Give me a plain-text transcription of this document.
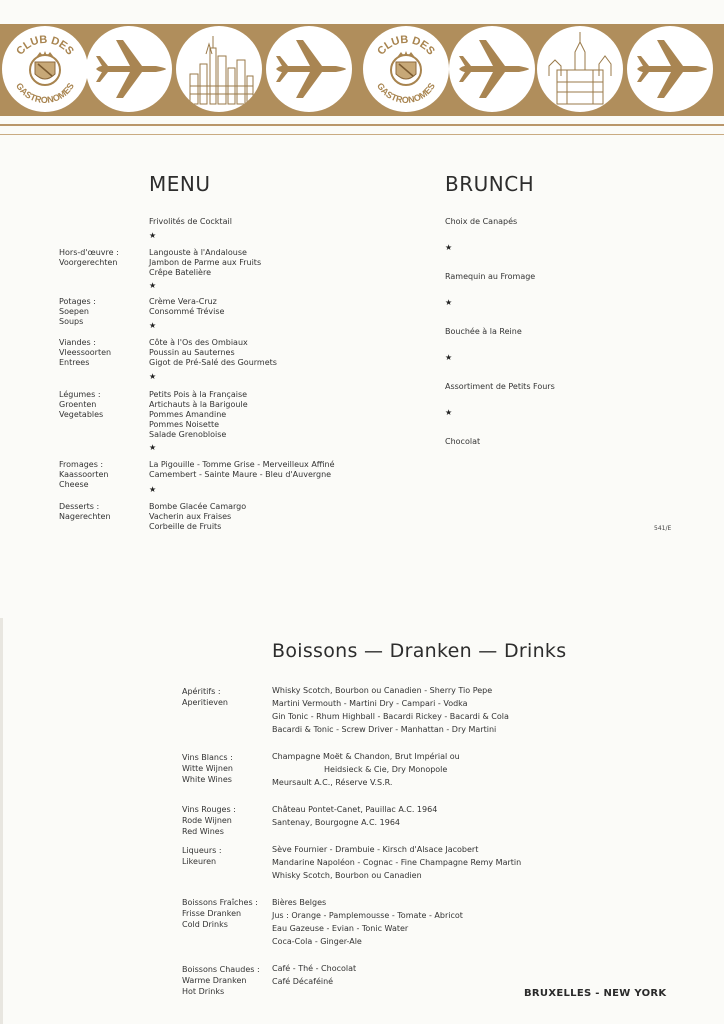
CLUB DES
GASTRONOMES
CLUB DES
GASTRONOMES
MENU
Frivolités de Cocktail
★
Hors-d'œuvre :
Voorgerechten
Langouste à l'Andalouse
Jambon de Parme aux Fruits
Crêpe Batelière
★
Potages :
Soepen
Soups
Crème Vera-Cruz
Consommé Trévise
★
Viandes :
Vleessoorten
Entrees
Côte à l'Os des Ombiaux
Poussin au Sauternes
Gigot de Pré-Salé des Gourmets
★
Légumes :
Groenten
Vegetables
Petits Pois à la Française
Artichauts à la Barigoule
Pommes Amandine
Pommes Noisette
Salade Grenobloise
★
Fromages :
Kaassoorten
Cheese
La Pigouille - Tomme Grise - Merveilleux Affiné
Camembert - Sainte Maure - Bleu d'Auvergne
★
Desserts :
Nagerechten
Bombe Glacée Camargo
Vacherin aux Fraises
Corbeille de Fruits
BRUNCH
Choix de Canapés
★
Ramequin au Fromage
★
Bouchée à la Reine
★
Assortiment de Petits Fours
★
Chocolat
541/E
Boissons — Dranken — Drinks
Apéritifs :
Aperitieven
Whisky Scotch, Bourbon ou Canadien - Sherry Tio Pepe
Martini Vermouth - Martini Dry - Campari - Vodka
Gin Tonic - Rhum Highball - Bacardi Rickey - Bacardi & Cola
Bacardi & Tonic - Screw Driver - Manhattan - Dry Martini
Vins Blancs :
Witte Wijnen
White Wines
Champagne Moët & Chandon, Brut Impérial ou
Heidsieck & Cie, Dry Monopole
Meursault A.C., Réserve V.S.R.
Vins Rouges :
Rode Wijnen
Red Wines
Château Pontet-Canet, Pauillac A.C. 1964
Santenay, Bourgogne A.C. 1964
Liqueurs :
Likeuren
Sève Fournier - Drambuie - Kirsch d'Alsace Jacobert
Mandarine Napoléon - Cognac - Fine Champagne Remy Martin
Whisky Scotch, Bourbon ou Canadien
Boissons Fraîches :
Frisse Dranken
Cold Drinks
Bières Belges
Jus : Orange - Pamplemousse - Tomate - Abricot
Eau Gazeuse - Evian - Tonic Water
Coca-Cola - Ginger-Ale
Boissons Chaudes :
Warme Dranken
Hot Drinks
Café - Thé - Chocolat
Café Décaféiné
BRUXELLES - NEW YORK
